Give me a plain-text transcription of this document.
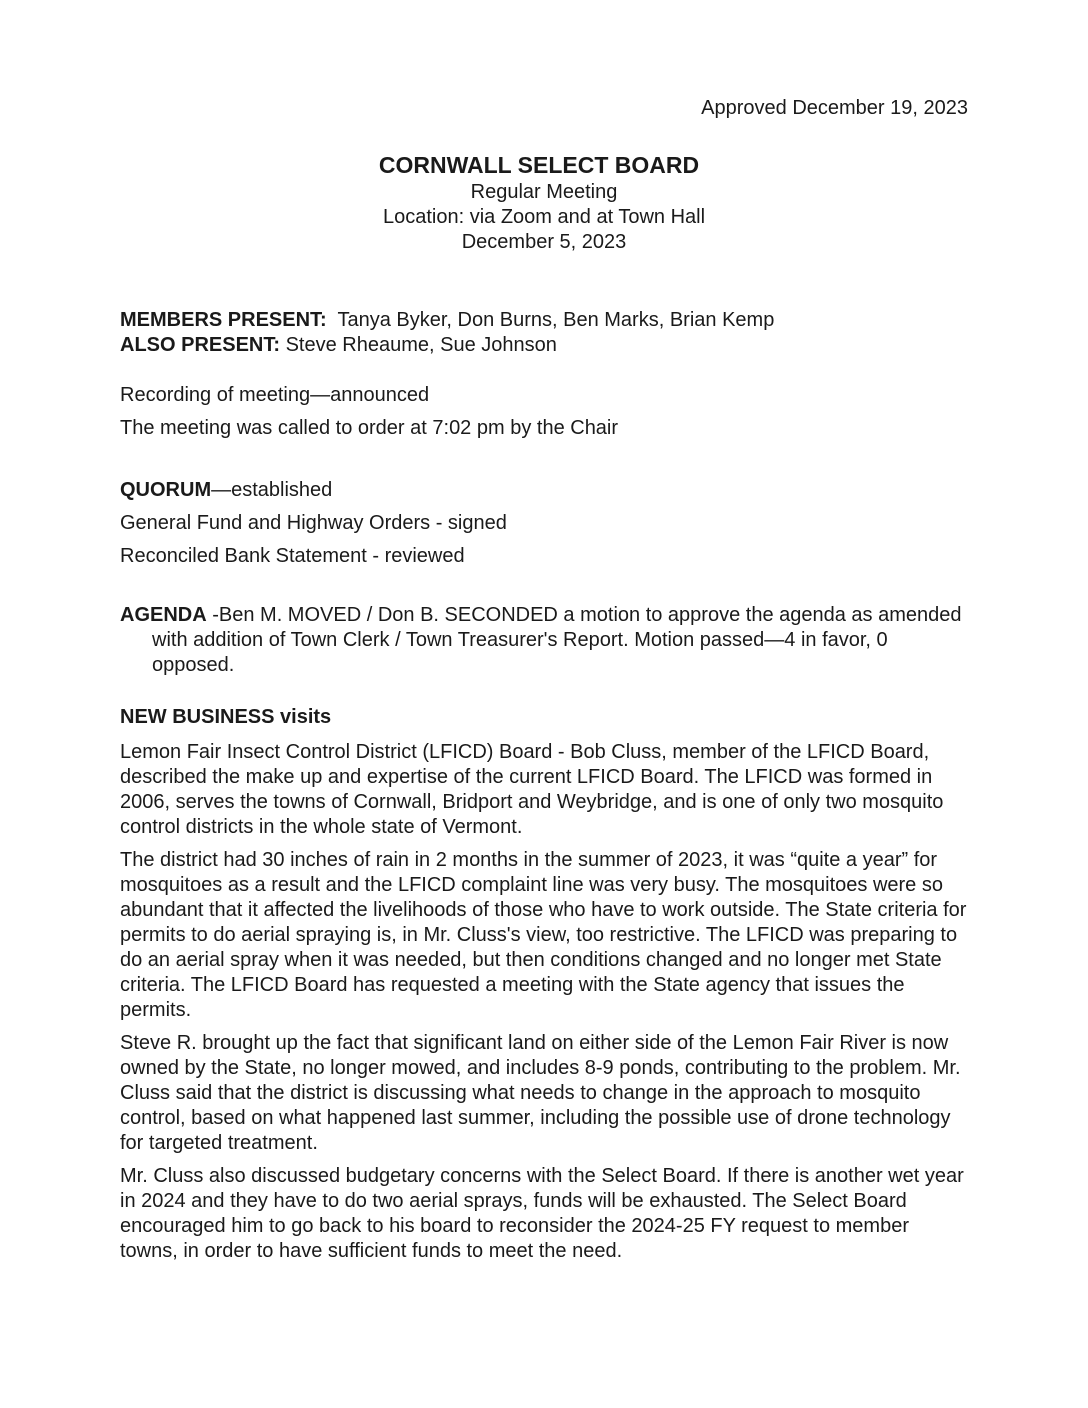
Approved December 19, 2023
CORNWALL SELECT BOARD
Regular Meeting
Location: via Zoom and at Town Hall
December 5, 2023

MEMBERS PRESENT: Tanya Byker, Don Burns, Ben Marks, Brian Kemp

ALSO PRESENT: Steve Rheaume, Sue Johnson

Recording of meeting—announced

The meeting was called to order at 7:02 pm by the Chair

QUORUM—established

General Fund and Highway Orders - signed

Reconciled Bank Statement - reviewed

AGENDA -Ben M. MOVED / Don B. SECONDED a motion to approve the agenda as amended with addition of Town Clerk / Town Treasurer's Report. Motion passed—4 in favor, 0 opposed.

NEW BUSINESS visits

Lemon Fair Insect Control District (LFICD) Board - Bob Cluss, member of the LFICD Board, described the make up and expertise of the current LFICD Board. The LFICD was formed in 2006, serves the towns of Cornwall, Bridport and Weybridge, and is one of only two mosquito control districts in the whole state of Vermont.

The district had 30 inches of rain in 2 months in the summer of 2023, it was “quite a year” for mosquitoes as a result and the LFICD complaint line was very busy. The mosquitoes were so abundant that it affected the livelihoods of those who have to work outside. The State criteria for permits to do aerial spraying is, in Mr. Cluss's view, too restrictive. The LFICD was preparing to do an aerial spray when it was needed, but then conditions changed and no longer met State criteria. The LFICD Board has requested a meeting with the State agency that issues the permits.

Steve R. brought up the fact that significant land on either side of the Lemon Fair River is now owned by the State, no longer mowed, and includes 8-9 ponds, contributing to the problem. Mr. Cluss said that the district is discussing what needs to change in the approach to mosquito control, based on what happened last summer, including the possible use of drone technology for targeted treatment.

Mr. Cluss also discussed budgetary concerns with the Select Board. If there is another wet year in 2024 and they have to do two aerial sprays, funds will be exhausted. The Select Board encouraged him to go back to his board to reconsider the 2024-25 FY request to member towns, in order to have sufficient funds to meet the need.
